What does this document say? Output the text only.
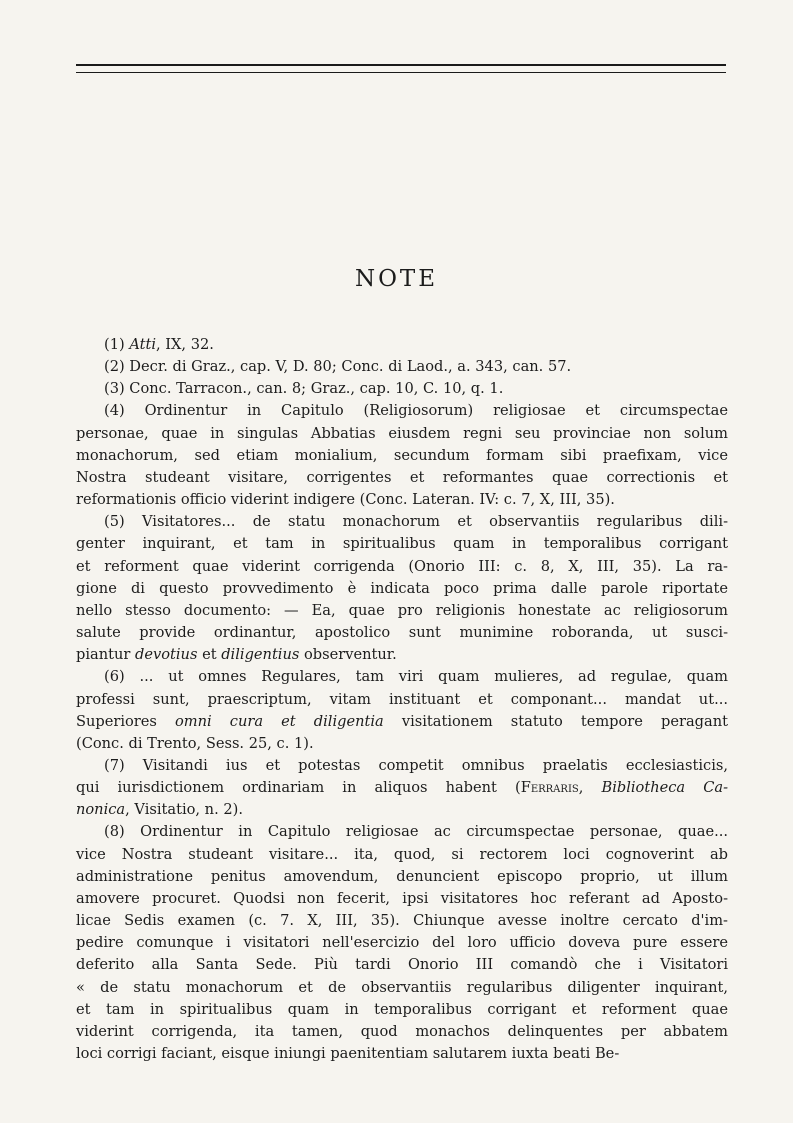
NOTE
(1) Atti, IX, 32.
(2) Decr. di Graz., cap. V, D. 80; Conc. di Laod., a. 343, can. 57.
(3) Conc. Tarracon., can. 8; Graz., cap. 10, C. 10, q. 1.
(4) Ordinentur in Capitulo (Religiosorum) religiosae et circumspectae
personae, quae in singulas Abbatias eiusdem regni seu provinciae non solum
monachorum, sed etiam monialium, secundum formam sibi praefixam, vice
Nostra studeant visitare, corrigentes et reformantes quae correctionis et
reformationis officio viderint indigere (Conc. Lateran. IV: c. 7, X, III, 35).
(5) Visitatores... de statu monachorum et observantiis regularibus dili-
genter inquirant, et tam in spiritualibus quam in temporalibus corrigant
et reforment quae viderint corrigenda (Onorio III: c. 8, X, III, 35). La ra-
gione di questo provvedimento è indicata poco prima dalle parole riportate
nello stesso documento: — Ea, quae pro religionis honestate ac religiosorum
salute provide ordinantur, apostolico sunt munimine roboranda, ut susci-
piantur devotius et diligentius observentur.
(6) ... ut omnes Regulares, tam viri quam mulieres, ad regulae, quam
professi sunt, praescriptum, vitam instituant et componant... mandat ut...
Superiores omni cura et diligentia visitationem statuto tempore peragant
(Conc. di Trento, Sess. 25, c. 1).
(7) Visitandi ius et potestas competit omnibus praelatis ecclesiasticis,
qui iurisdictionem ordinariam in aliquos habent (Ferraris, Bibliotheca Ca-
nonica, Visitatio, n. 2).
(8) Ordinentur in Capitulo religiosae ac circumspectae personae, quae...
vice Nostra studeant visitare... ita, quod, si rectorem loci cognoverint ab
administratione penitus amovendum, denuncient episcopo proprio, ut illum
amovere procuret. Quodsi non fecerit, ipsi visitatores hoc referant ad Aposto-
licae Sedis examen (c. 7. X, III, 35). Chiunque avesse inoltre cercato d'im-
pedire comunque i visitatori nell'esercizio del loro ufficio doveva pure essere
deferito alla Santa Sede. Più tardi Onorio III comandò che i Visitatori
« de statu monachorum et de observantiis regularibus diligenter inquirant,
et tam in spiritualibus quam in temporalibus corrigant et reforment quae
viderint corrigenda, ita tamen, quod monachos delinquentes per abbatem
loci corrigi faciant, eisque iniungi paenitentiam salutarem iuxta beati Be-
